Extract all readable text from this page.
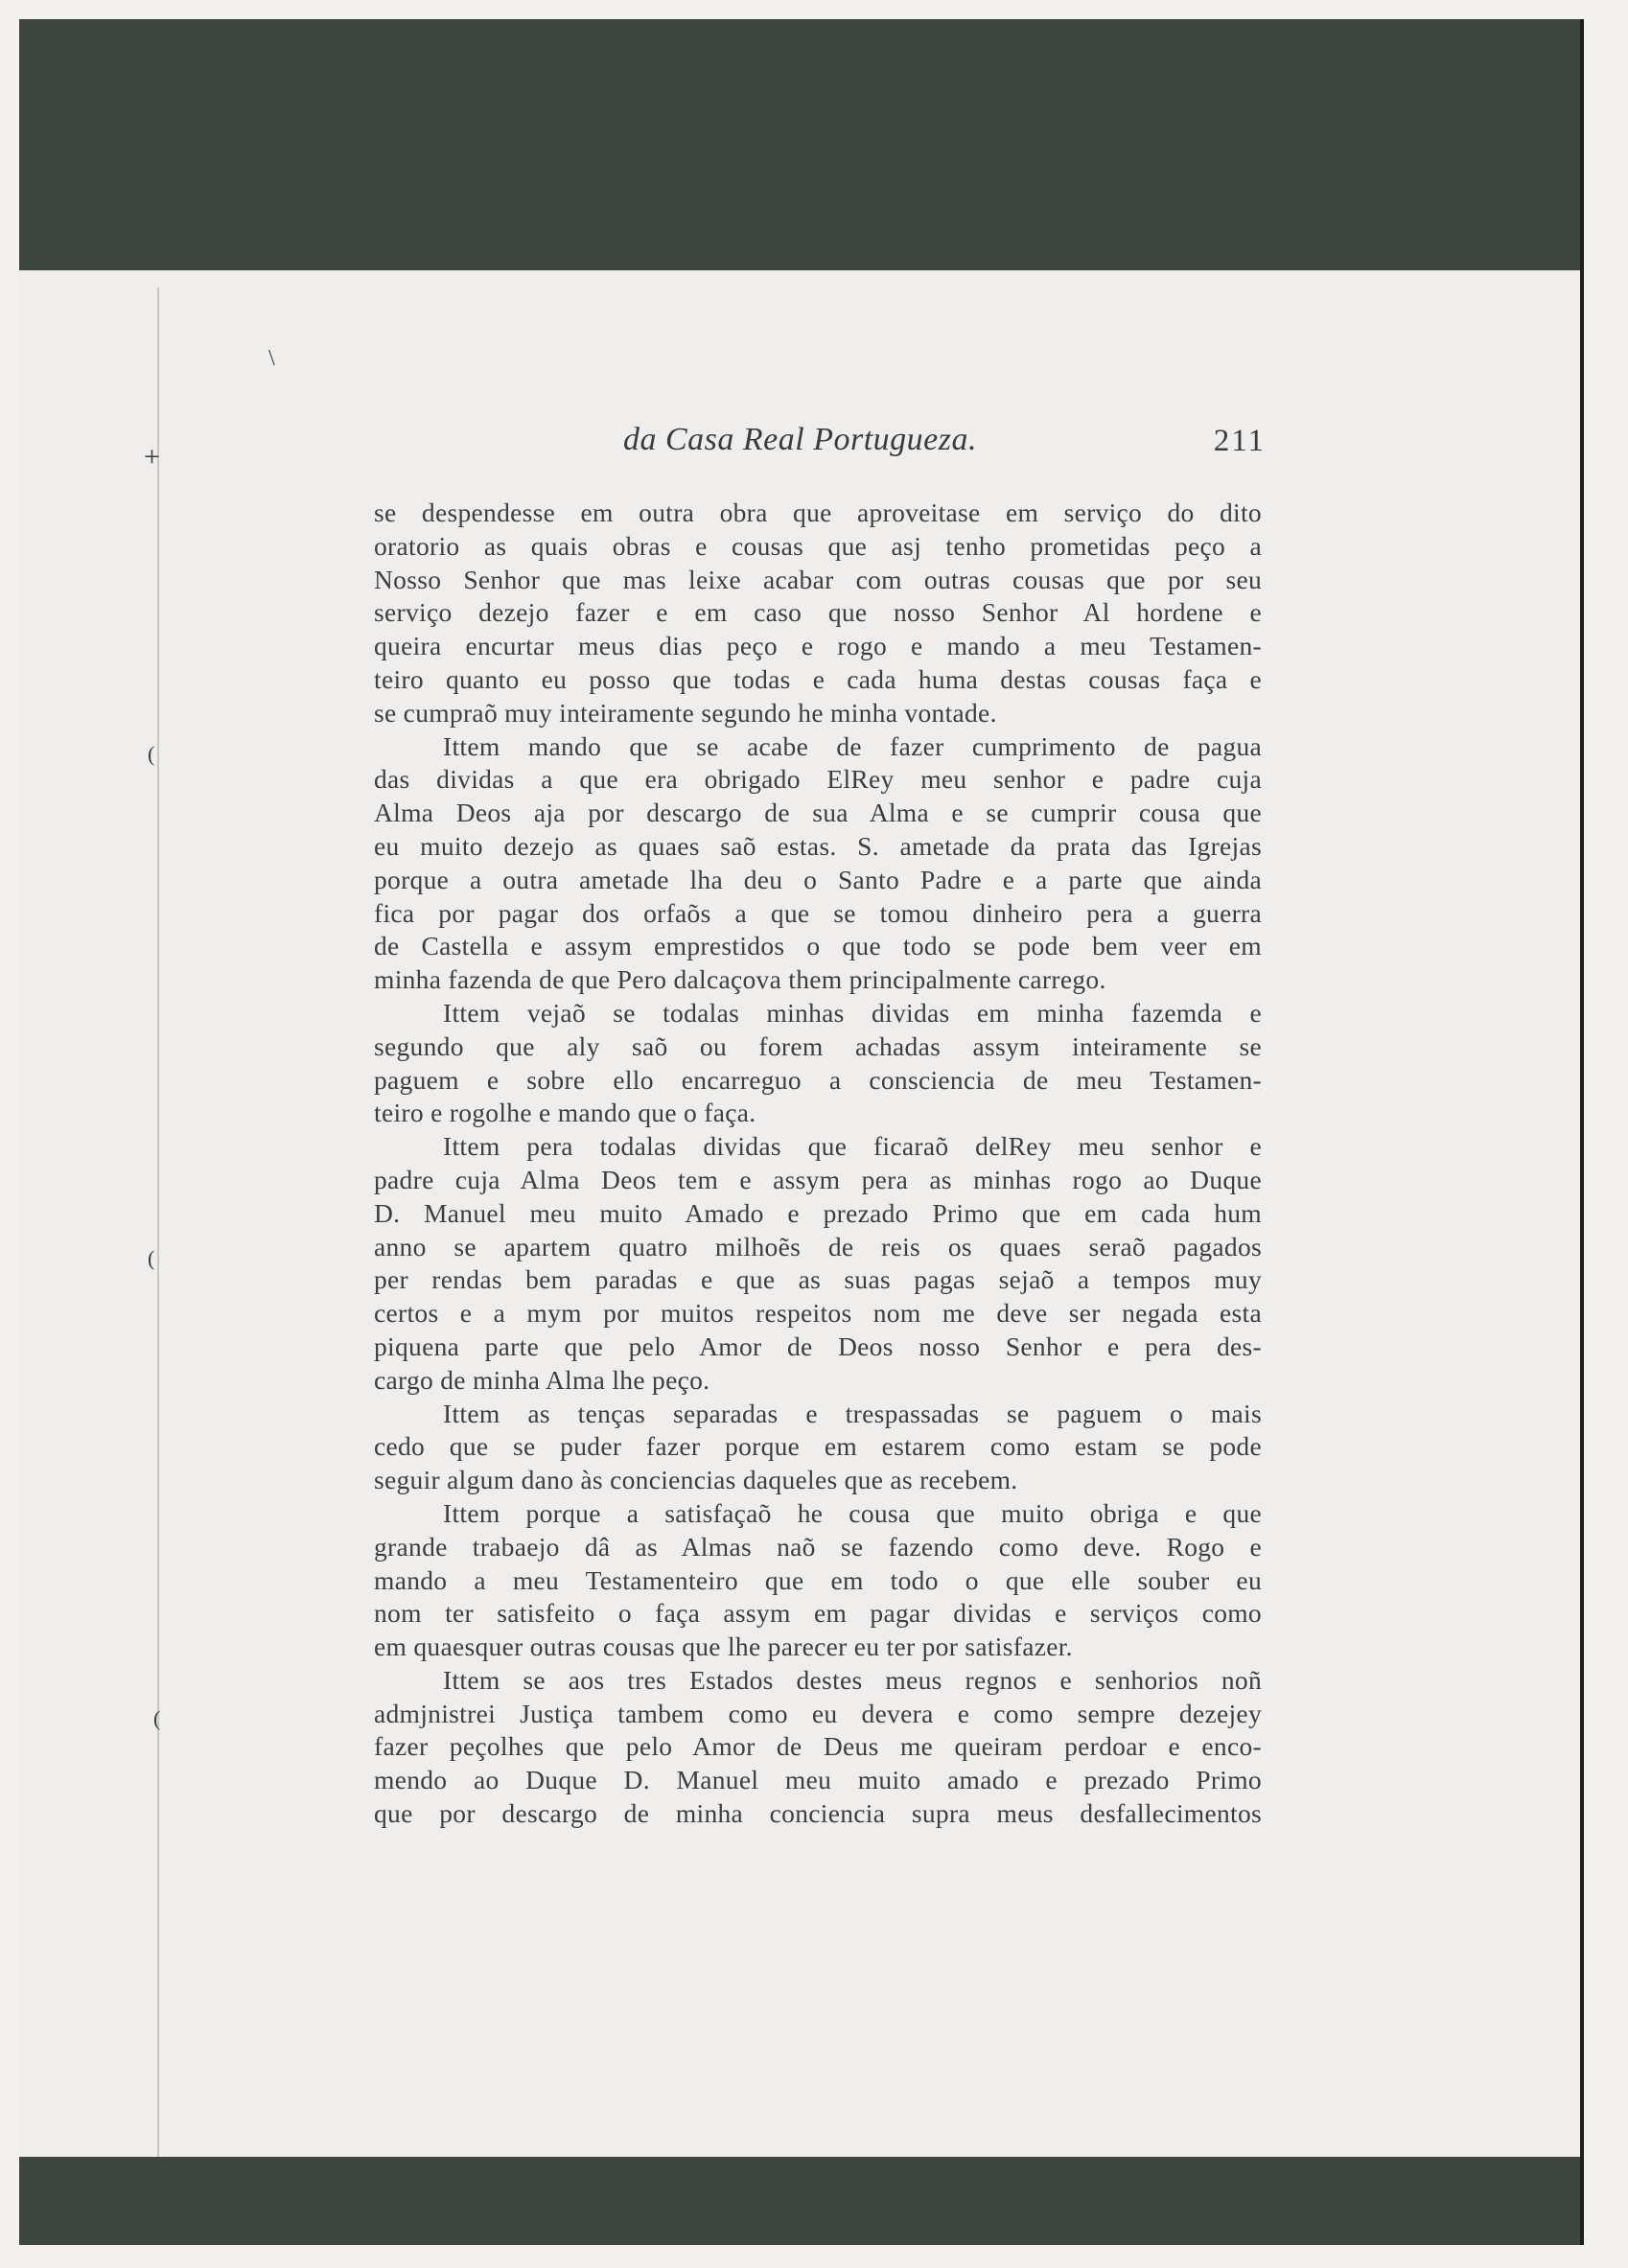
+
(
(
(
\
da Casa Real Portugueza.	211
se despendesse em outra obra que aproveitase em serviço do dito
oratorio as quais obras e cousas que asj tenho prometidas peço a
Nosso Senhor que mas leixe acabar com outras cousas que por seu
serviço dezejo fazer e em caso que nosso Senhor Al hordene e
queira encurtar meus dias peço e rogo e mando a meu Testamen-
teiro quanto eu posso que todas e cada huma destas cousas faça e
se cumpraõ muy inteiramente segundo he minha vontade.
Ittem mando que se acabe de fazer cumprimento de pagua
das dividas a que era obrigado ElRey meu senhor e padre cuja
Alma Deos aja por descargo de sua Alma e se cumprir cousa que
eu muito dezejo as quaes saõ estas. S. ametade da prata das Igrejas
porque a outra ametade lha deu o Santo Padre e a parte que ainda
fica por pagar dos orfaõs a que se tomou dinheiro pera a guerra
de Castella e assym emprestidos o que todo se pode bem veer em
minha fazenda de que Pero dalcaçova them principalmente carrego.
Ittem vejaõ se todalas minhas dividas em minha fazemda e
segundo que aly saõ ou forem achadas assym inteiramente se
paguem e sobre ello encarreguo a consciencia de meu Testamen-
teiro e rogolhe e mando que o faça.
Ittem pera todalas dividas que ficaraõ delRey meu senhor e
padre cuja Alma Deos tem e assym pera as minhas rogo ao Duque
D. Manuel meu muito Amado e prezado Primo que em cada hum
anno se apartem quatro milhoẽs de reis os quaes seraõ pagados
per rendas bem paradas e que as suas pagas sejaõ a tempos muy
certos e a mym por muitos respeitos nom me deve ser negada esta
piquena parte que pelo Amor de Deos nosso Senhor e pera des-
cargo de minha Alma lhe peço.
Ittem as tenças separadas e trespassadas se paguem o mais
cedo que se puder fazer porque em estarem como estam se pode
seguir algum dano às conciencias daqueles que as recebem.
Ittem porque a satisfaçaõ he cousa que muito obriga e que
grande trabaejo dâ as Almas naõ se fazendo como deve. Rogo e
mando a meu Testamenteiro que em todo o que elle souber eu
nom ter satisfeito o faça assym em pagar dividas e serviços como
em quaesquer outras cousas que lhe parecer eu ter por satisfazer.
Ittem se aos tres Estados destes meus regnos e senhorios noñ
admjnistrei Justiça tambem como eu devera e como sempre dezejey
fazer peçolhes que pelo Amor de Deus me queiram perdoar e enco-
mendo ao Duque D. Manuel meu muito amado e prezado Primo
que por descargo de minha conciencia supra meus desfallecimentos
